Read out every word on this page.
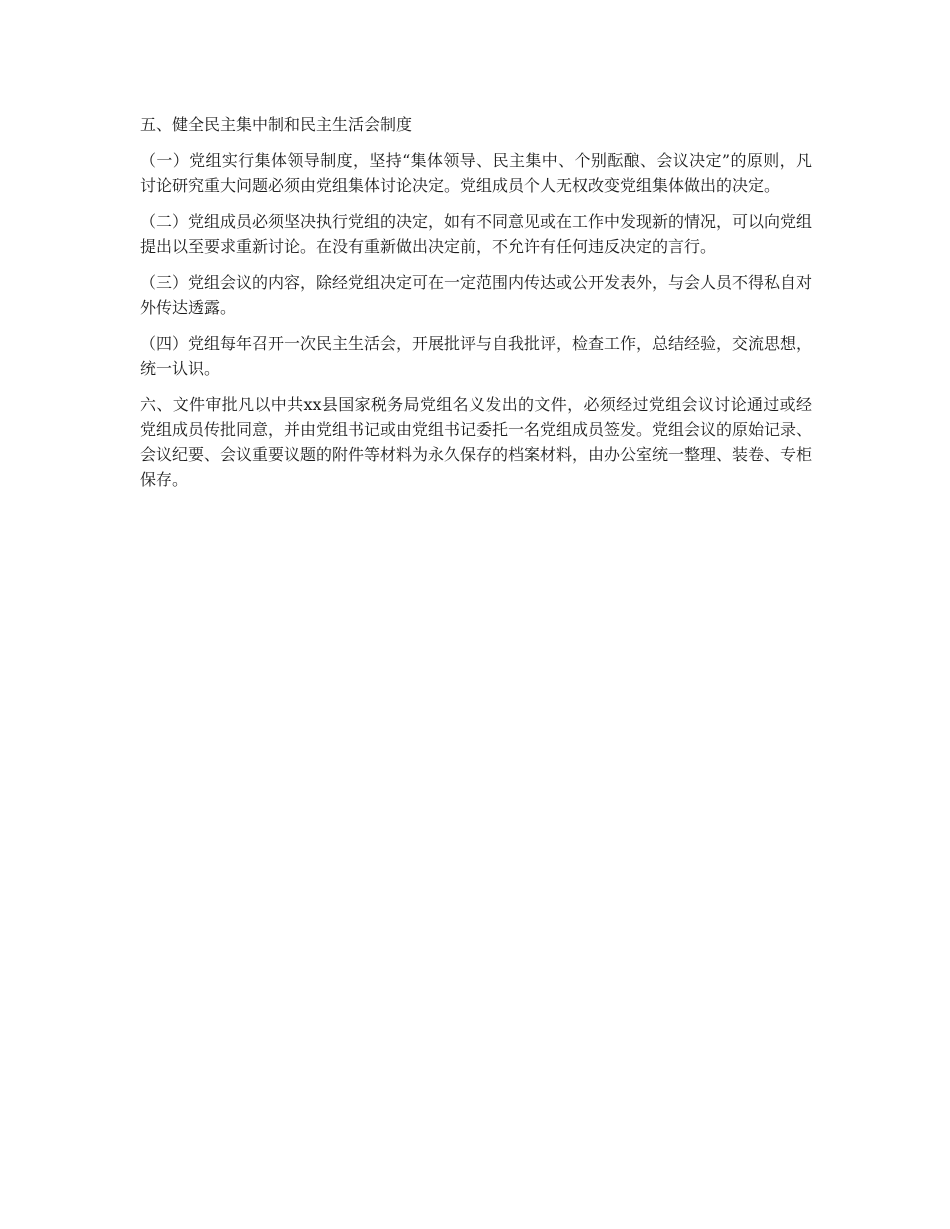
五、健全民主集中制和民主生活会制度

（一）党组实行集体领导制度，坚持“集体领导、民主集中、个别酝酿、会议决定”的原则，凡讨论研究重大问题必须由党组集体讨论决定。党组成员个人无权改变党组集体做出的决定。

（二）党组成员必须坚决执行党组的决定，如有不同意见或在工作中发现新的情况，可以向党组提出以至要求重新讨论。在没有重新做出决定前，不允许有任何违反决定的言行。

（三）党组会议的内容，除经党组决定可在一定范围内传达或公开发表外，与会人员不得私自对外传达透露。

（四）党组每年召开一次民主生活会，开展批评与自我批评，检查工作，总结经验，交流思想，统一认识。

六、文件审批凡以中共xx县国家税务局党组名义发出的文件，必须经过党组会议讨论通过或经党组成员传批同意，并由党组书记或由党组书记委托一名党组成员签发。党组会议的原始记录、会议纪要、会议重要议题的附件等材料为永久保存的档案材料，由办公室统一整理、装卷、专柜保存。
